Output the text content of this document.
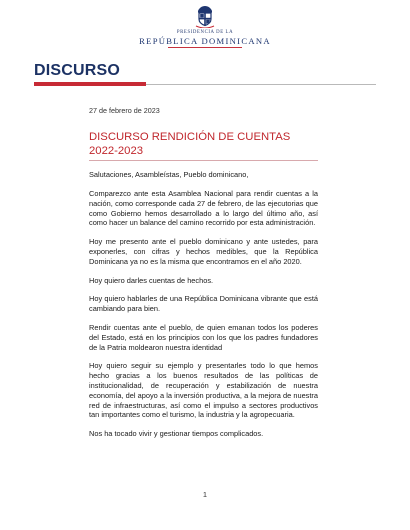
PRESIDENCIA DE LA
REPÚBLICA DOMINICANA
DISCURSO
27 de febrero de 2023
DISCURSO RENDICIÓN DE CUENTAS 2022-2023

Salutaciones, Asambleístas, Pueblo dominicano,

Comparezco ante esta Asamblea Nacional para rendir cuentas a la nación, como corresponde cada 27 de febrero, de las ejecutorias que como Gobierno hemos desarrollado a lo largo del último año, así como hacer un balance del camino recorrido por esta administración.

Hoy me presento ante el pueblo dominicano y ante ustedes, para exponerles, con cifras y hechos medibles, que la República Dominicana ya no es la misma que encontramos en el año 2020.

Hoy quiero darles cuentas de hechos.

Hoy quiero hablarles de una República Dominicana vibrante que está cambiando para bien.

Rendir cuentas ante el pueblo, de quien emanan todos los poderes del Estado, está en los principios con los que los padres fundadores de la Patria moldearon nuestra identidad

Hoy quiero seguir su ejemplo y presentarles todo lo que hemos hecho gracias a los buenos resultados de las políticas de institucionalidad, de recuperación y estabilización de nuestra economía, del apoyo a la inversión productiva, a la mejora de nuestra red de infraestructuras, así como el impulso a sectores productivos tan importantes como el turismo, la industria y la agropecuaria.

Nos ha tocado vivir y gestionar tiempos complicados.

1
